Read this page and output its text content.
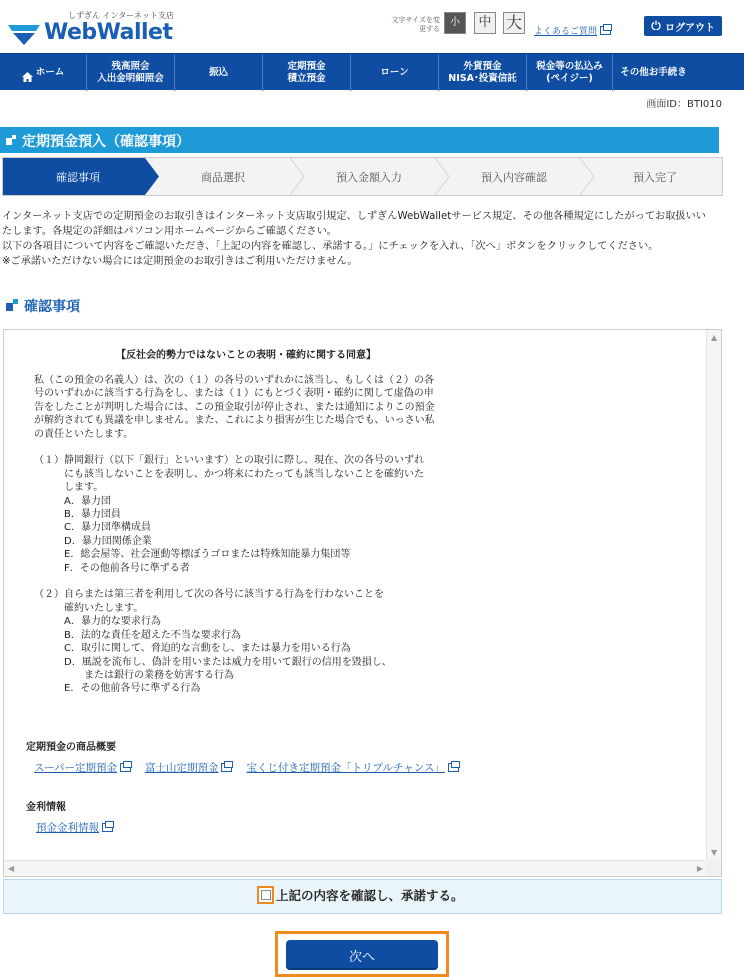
しずぎん インターネット支店
WebWallet	文字サイズを変更する
小	中 大	よくあるご質問	ログアウト

ホーム
残高照会
入出金明細照会
振込
定期預金
積立預金
ローン
外貨預金
NISA･投資信託
税金等の払込み
(ペイジー)
その他お手続き
画面ID：BTI010
定期預金預入（確認事項）
確認事項	商品選択	預入金額入力	預入内容確認	預入完了

インターネット支店での定期預金のお取引きはインターネット支店取引規定、しずぎんWebWalletサービス規定、その他各種規定にしたがってお取扱いい

たします。各規定の詳細はパソコン用ホームページからご確認ください。

以下の各項目について内容をご確認いただき、「上記の内容を確認し、承諾する。」にチェックを入れ、「次へ」ボタンをクリックしてください。

※ご承諾いただけない場合には定期預金のお取引きはご利用いただけません。

確認事項
【反社会的勢力ではないことの表明・確約に関する同意】
私（この預金の名義人）は、次の（１）の各号のいずれかに該当し、もしくは（２）の各
号のいずれかに該当する行為をし、または（１）にもとづく表明・確約に関して虚偽の申
告をしたことが判明した場合には、この預金取引が停止され、または通知によりこの預金
が解約されても異議を申しません。また、これにより損害が生じた場合でも、いっさい私
の責任といたします。
（１）静岡銀行（以下「銀行」といいます）との取引に際し、現在、次の各号のいずれ
　　　にも該当しないことを表明し、かつ将来にわたっても該当しないことを確約いた
　　　します。
　　　A．暴力団
　　　B．暴力団員
　　　C．暴力団準構成員
　　　D．暴力団関係企業
　　　E．総会屋等、社会運動等標ぼうゴロまたは特殊知能暴力集団等
　　　F．その他前各号に準ずる者
（２）自らまたは第三者を利用して次の各号に該当する行為を行わないことを
　　　確約いたします。
　　　A．暴力的な要求行為
　　　B．法的な責任を超えた不当な要求行為
　　　C．取引に関して、脅迫的な言動をし、または暴力を用いる行為
　　　D．風説を流布し、偽計を用いまたは威力を用いて銀行の信用を毀損し、
　　　　　または銀行の業務を妨害する行為
　　　E．その他前各号に準ずる行為
定期預金の商品概要
スーパー定期預金	富士山定期預金	宝くじ付き定期預金「トリプルチャンス」
金利情報
預金金利情報
▲
▼
◀	▶
上記の内容を確認し、承諾する。
次へ
